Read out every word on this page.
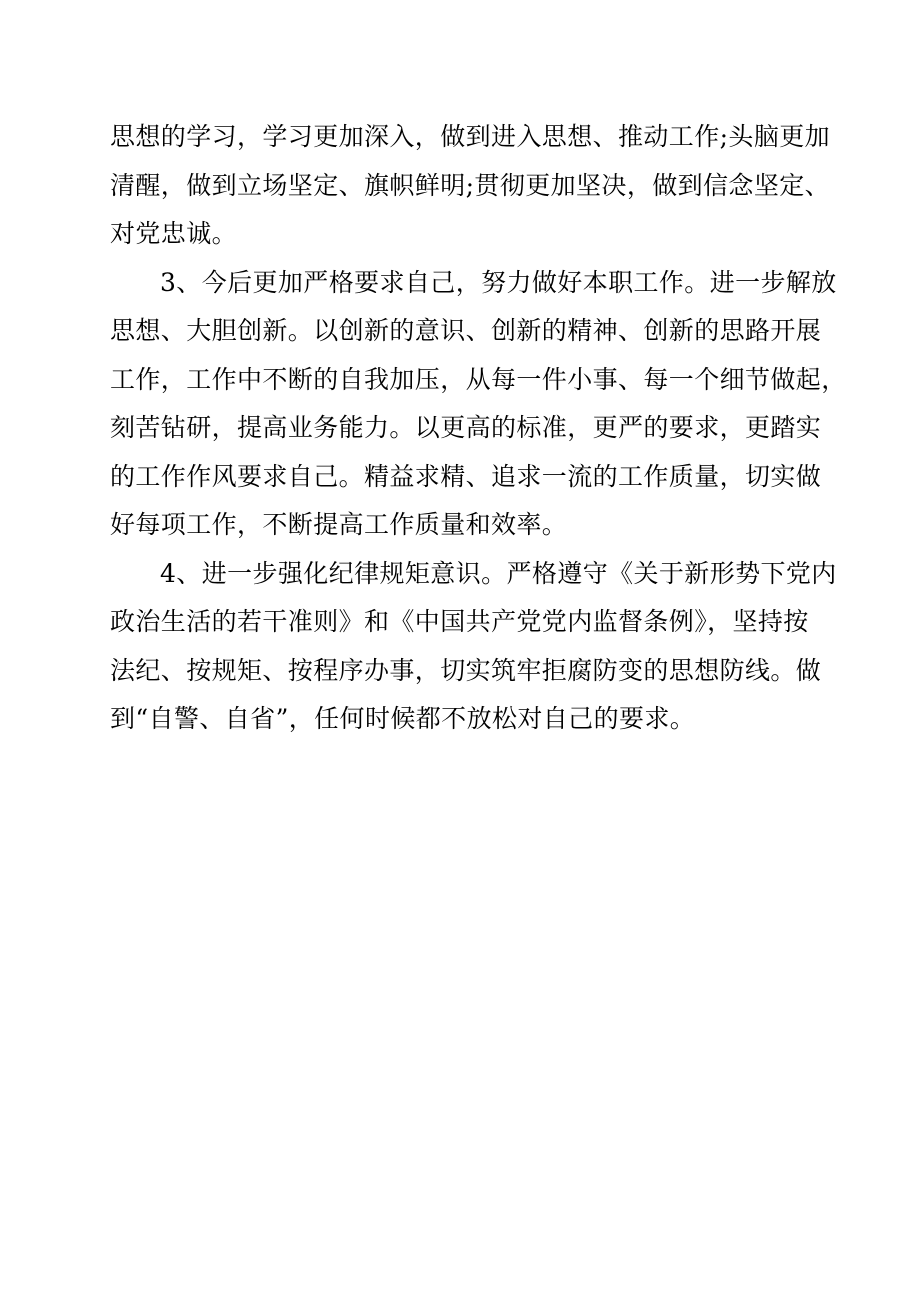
思想的学习，学习更加深入，做到进入思想、推动工作;头脑更加
清醒，做到立场坚定、旗帜鲜明;贯彻更加坚决，做到信念坚定、
对党忠诚。
3、今后更加严格要求自己，努力做好本职工作。进一步解放
思想、大胆创新。以创新的意识、创新的精神、创新的思路开展
工作，工作中不断的自我加压，从每一件小事、每一个细节做起，
刻苦钻研，提高业务能力。以更高的标准，更严的要求，更踏实
的工作作风要求自己。精益求精、追求一流的工作质量，切实做
好每项工作，不断提高工作质量和效率。
4、进一步强化纪律规矩意识。严格遵守《关于新形势下党内
政治生活的若干准则》和《中国共产党党内监督条例》，坚持按
法纪、按规矩、按程序办事，切实筑牢拒腐防变的思想防线。做
到“自警、自省”，任何时候都不放松对自己的要求。
